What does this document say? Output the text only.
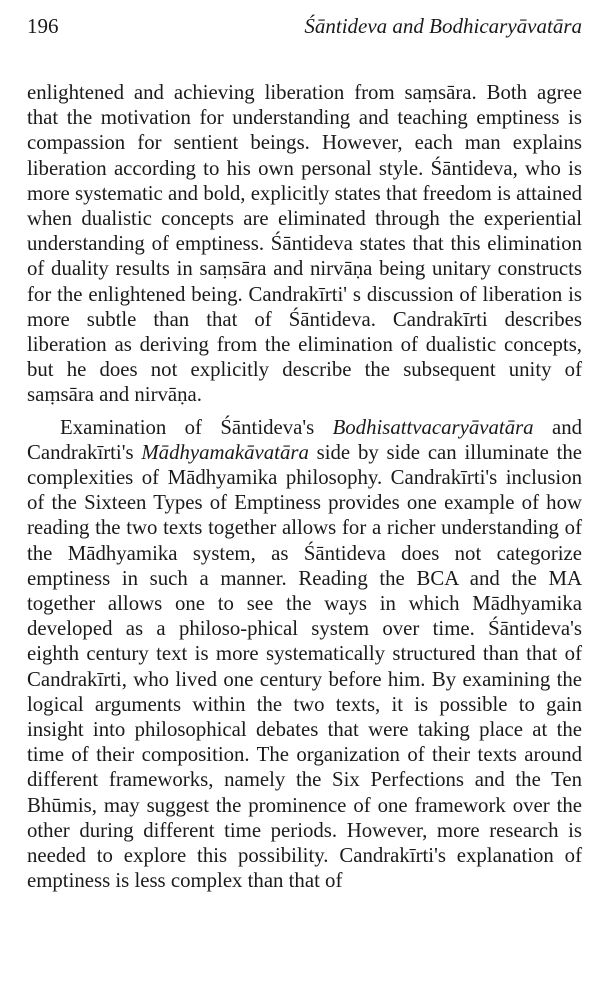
196	Śāntideva and Bodhicaryāvatāra

enlightened and achieving liberation from saṃsāra. Both agree that the motivation for understanding and teaching emptiness is compassion for sentient beings. However, each man explains liberation according to his own personal style. Śāntideva, who is more systematic and bold, explicitly states that freedom is attained when dualistic concepts are eliminated through the experiential understanding of emptiness. Śāntideva states that this elimination of duality results in saṃsāra and nirvāṇa being unitary constructs for the enlightened being. Candrakīrti' s discussion of liberation is more subtle than that of Śāntideva. Candrakīrti describes liberation as deriving from the elimination of dualistic concepts, but he does not explicitly describe the subsequent unity of saṃsāra and nirvāṇa.

Examination of Śāntideva's Bodhisattvacaryāvatāra and Candrakīrti's Mādhyamakāvatāra side by side can illuminate the complexities of Mādhyamika philosophy. Candrakīrti's inclusion of the Sixteen Types of Emptiness provides one example of how reading the two texts together allows for a richer understanding of the Mādhyamika system, as Śāntideva does not categorize emptiness in such a manner. Reading the BCA and the MA together allows one to see the ways in which Mādhyamika developed as a philoso-phical system over time. Śāntideva's eighth century text is more systematically structured than that of Candrakīrti, who lived one century before him. By examining the logical arguments within the two texts, it is possible to gain insight into philosophical debates that were taking place at the time of their composition. The organization of their texts around different frameworks, namely the Six Perfections and the Ten Bhūmis, may suggest the prominence of one framework over the other during different time periods. However, more research is needed to explore this possibility. Candrakīrti's explanation of emptiness is less complex than that of
